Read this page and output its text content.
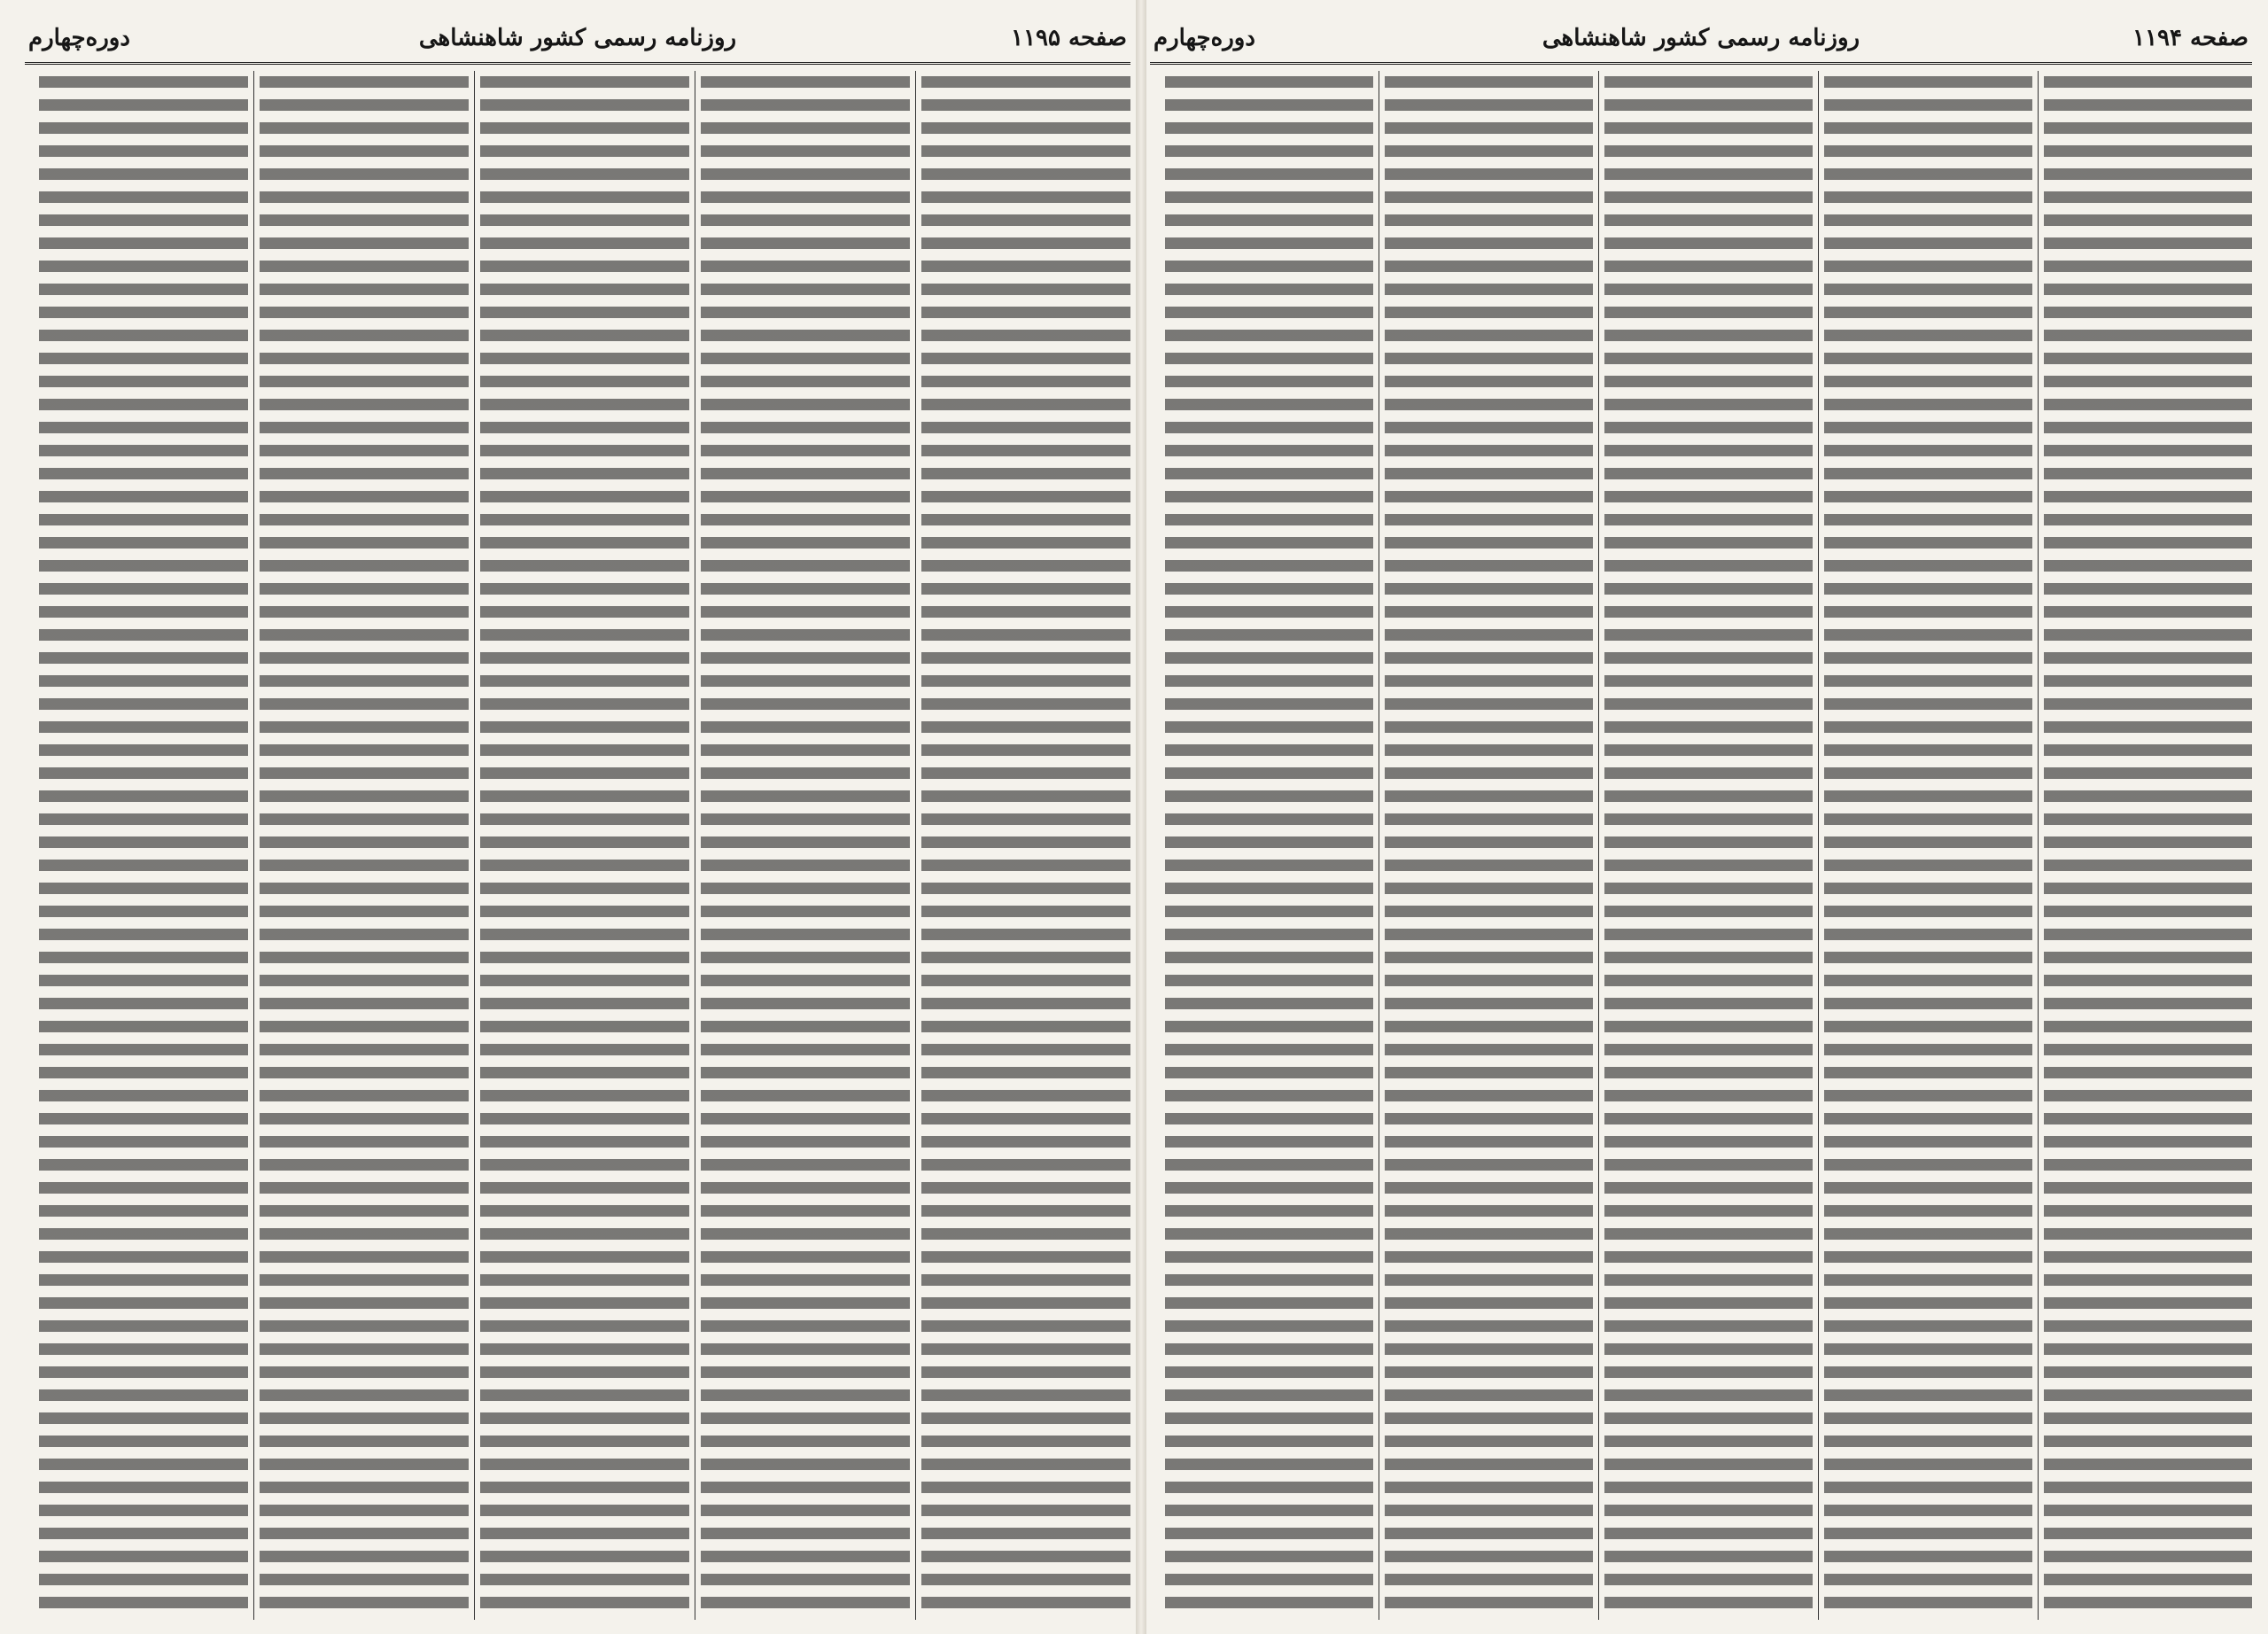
دوره‌چهارم	روزنامه رسمی کشور شاهنشاهی	صفحه ۱۱۹۵ دوره‌چهارم	روزنامه رسمی کشور شاهنشاهی	صفحه ۱۱۹۴
